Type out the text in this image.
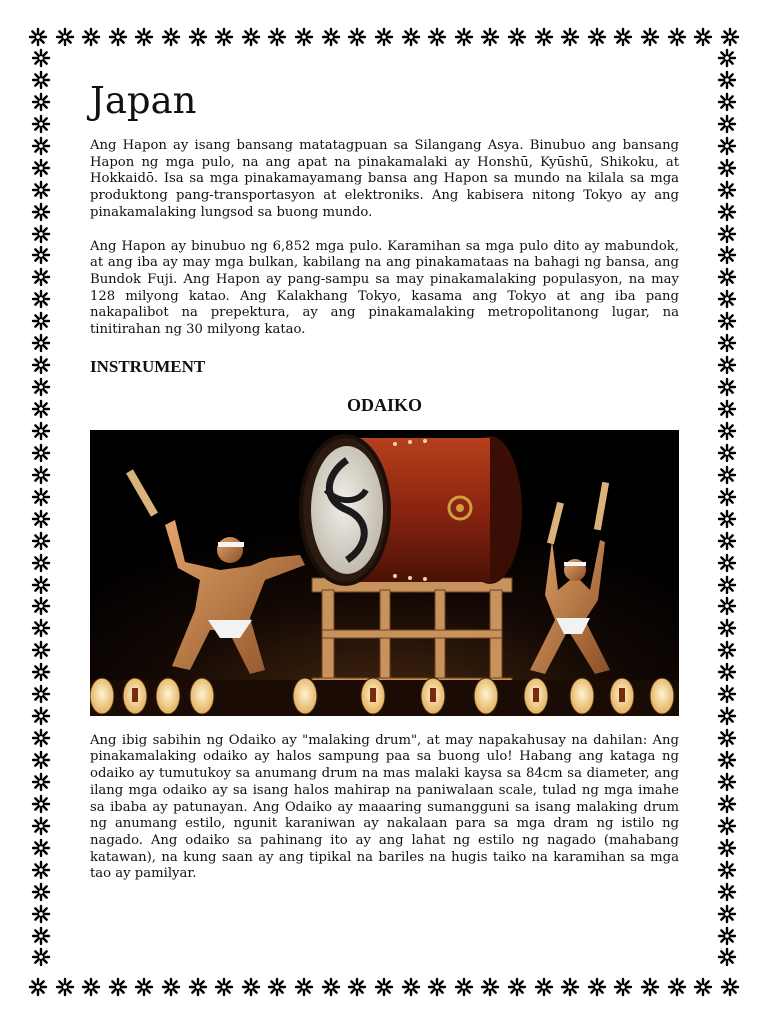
Japan

Ang Hapon ay isang bansang matatagpuan sa Silangang Asya. Binubuo ang bansang Hapon ng mga pulo, na ang apat na pinakamalaki ay Honshū, Kyūshū, Shikoku, at Hokkaidō. Isa sa mga pinakamayamang bansa ang Hapon sa mundo na kilala sa mga produktong pang-transportasyon at elektroniks. Ang kabisera nitong Tokyo ay ang pinakamalaking lungsod sa buong mundo.

Ang Hapon ay binubuo ng 6,852 mga pulo. Karamihan sa mga pulo dito ay mabundok, at ang iba ay may mga bulkan, kabilang na ang pinakamataas na bahagi ng bansa, ang Bundok Fuji. Ang Hapon ay pang-sampu sa may pinakamalaking populasyon, na may 128 milyong katao. Ang Kalakhang Tokyo, kasama ang Tokyo at ang iba pang nakapalibot na prepektura, ay ang pinakamalaking metropolitanong lugar, na tinitirahan ng 30 milyong katao.

INSTRUMENT
ODAIKO

Ang ibig sabihin ng Odaiko ay "malaking drum", at may napakahusay na dahilan: Ang pinakamalaking odaiko ay halos sampung paa sa buong ulo! Habang ang kataga ng odaiko ay tumutukoy sa anumang drum na mas malaki kaysa sa 84cm sa diameter, ang ilang mga odaiko ay sa isang halos mahirap na paniwalaan scale, tulad ng mga imahe sa ibaba ay patunayan. Ang Odaiko ay maaaring sumangguni sa isang malaking drum ng anumang estilo, ngunit karaniwan ay nakalaan para sa mga dram ng istilo ng nagado. Ang odaiko sa pahinang ito ay ang lahat ng estilo ng nagado (mahabang katawan), na kung saan ay ang tipikal na bariles na hugis taiko na karamihan sa mga tao ay pamilyar.
